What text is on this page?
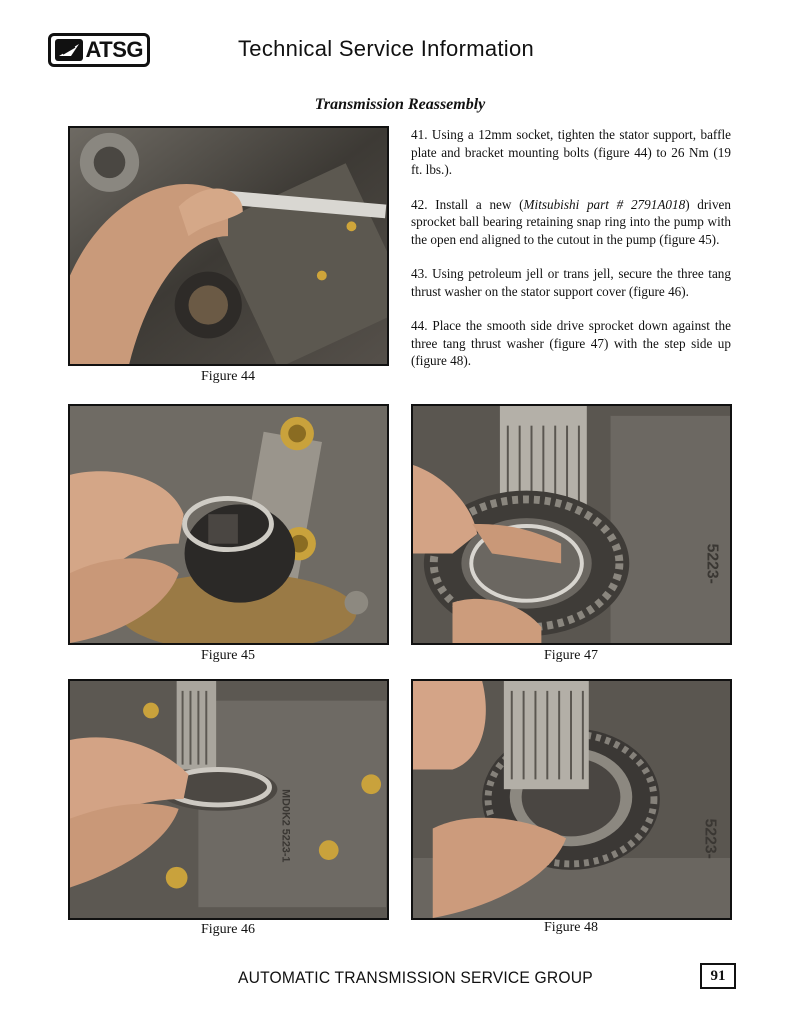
ATSG	Technical Service Information
Transmission Reassembly

41. Using a 12mm socket, tighten the stator support, baffle plate and bracket mounting bolts (figure 44) to 26 Nm (19 ft. lbs.).

42. Install a new (Mitsubishi part # 2791A018) driven sprocket ball bearing retaining snap ring into the pump with the open end aligned to the cutout in the pump (figure 45).

43. Using petroleum jell or trans jell, secure the three tang thrust washer on the stator support cover (figure 46).

44. Place the smooth side drive sprocket down against the three tang thrust washer (figure 47) with the step side up (figure 48).

Figure 44
Figure 45
5223-
Figure 47
MD0K2 5223-1
Figure 46
5223-
Figure 48
AUTOMATIC TRANSMISSION SERVICE GROUP	91
